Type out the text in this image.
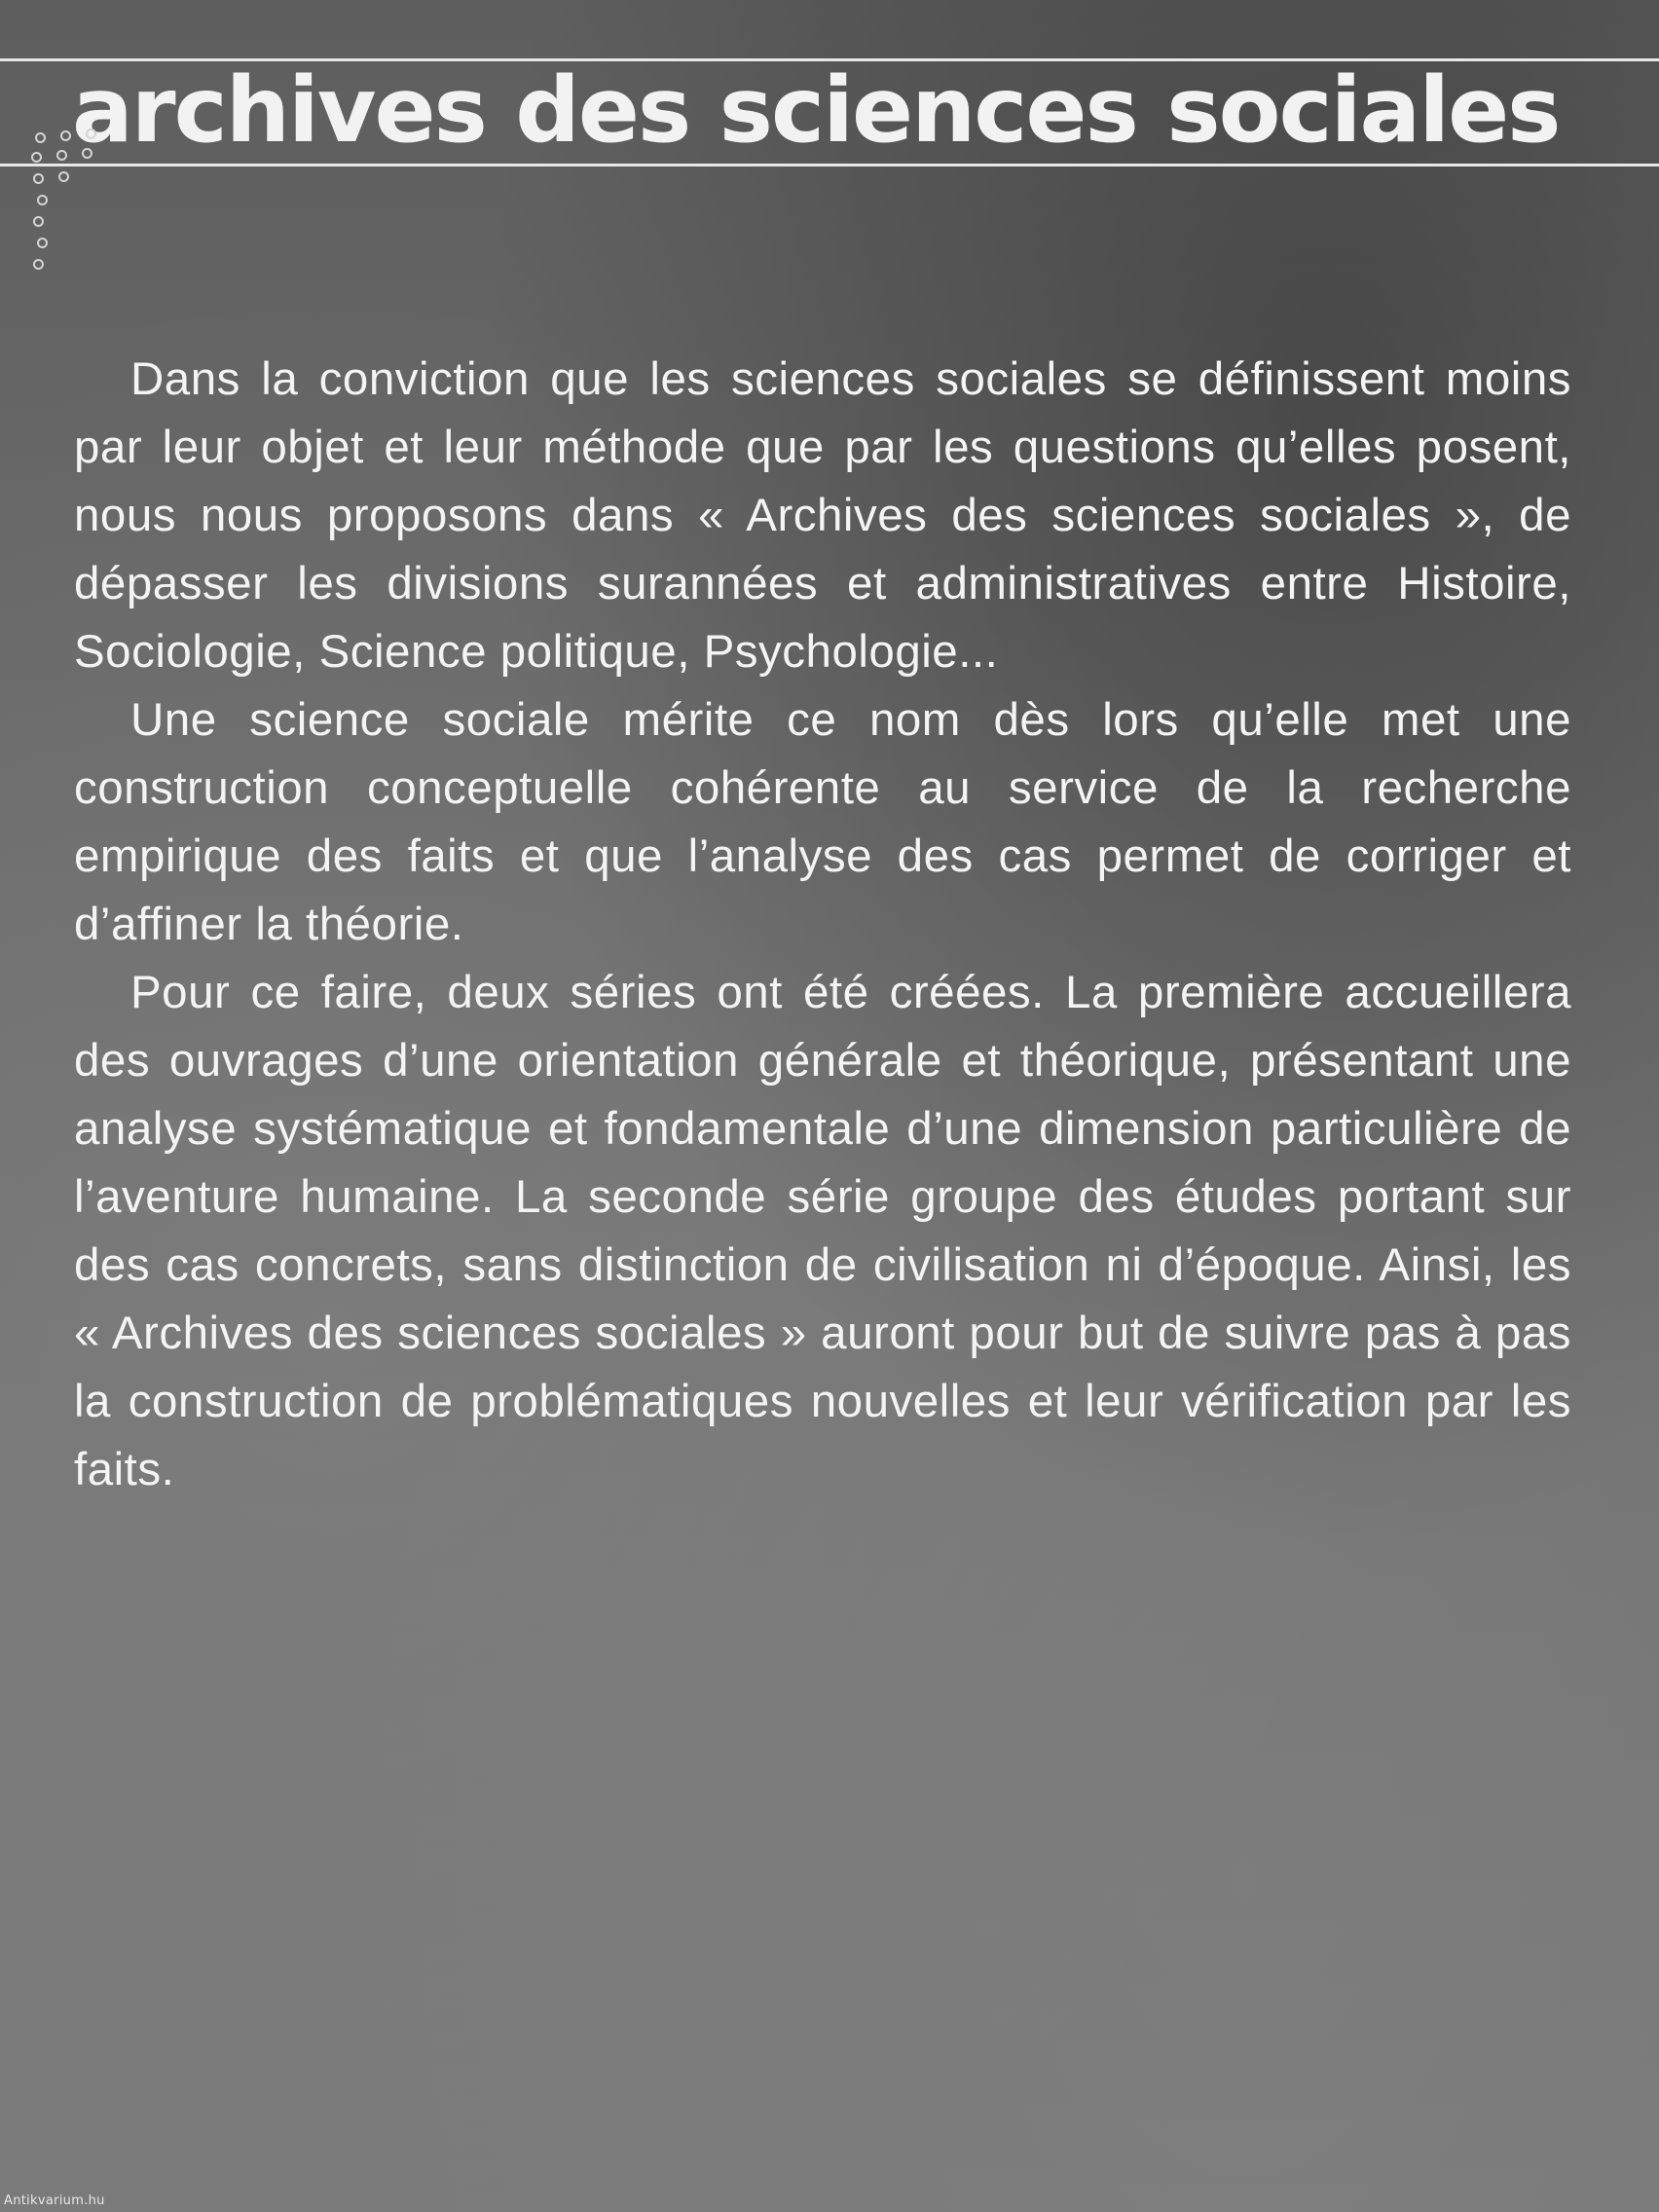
archives des sciences sociales

Dans la conviction que les sciences sociales se définissent moins par leur objet et leur méthode que par les questions qu’elles posent, nous nous proposons dans « Archives des sciences sociales », de dépasser les divisions surannées et administratives entre Histoire, Sociologie, Science politique, Psychologie...

Une science sociale mérite ce nom dès lors qu’elle met une construction conceptuelle cohérente au service de la recherche empirique des faits et que l’analyse des cas permet de corriger et d’affiner la théorie.

Pour ce faire, deux séries ont été créées. La première accueillera des ouvrages d’une orientation générale et théorique, présentant une analyse systématique et fondamentale d’une dimension particulière de l’aventure humaine. La seconde série groupe des études portant sur des cas concrets, sans distinction de civilisation ni d’époque. Ainsi, les « Archives des sciences sociales » auront pour but de suivre pas à pas la construction de problématiques nouvelles et leur vérification par les faits.

Antikvarium.hu
